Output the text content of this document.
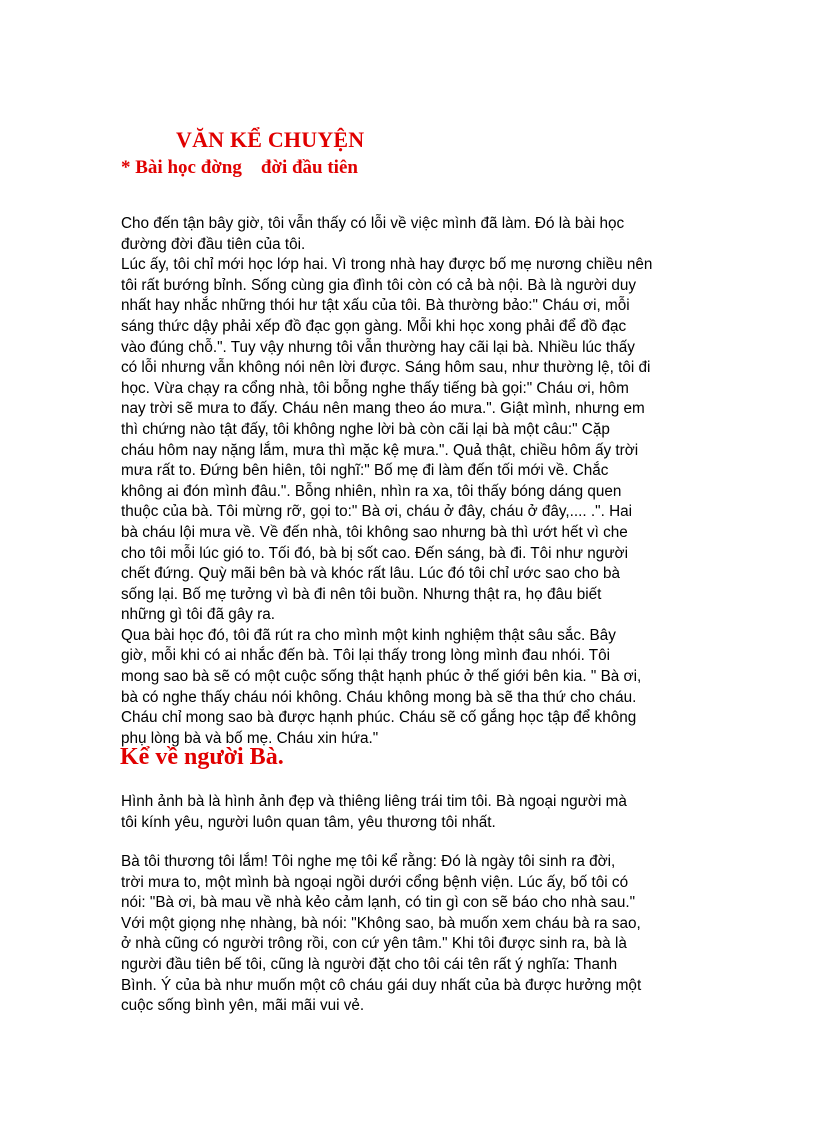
VĂN KỂ CHUYỆN
* Bài học đờng    đời đầu tiên
Cho đến tận bây giờ, tôi vẫn thấy có lỗi về việc mình đã làm. Đó là bài học
đường đời đầu tiên của tôi.
Lúc ấy, tôi chỉ mới học lớp hai. Vì trong nhà hay được bố mẹ nương chiều nên
tôi rất bướng bỉnh. Sống cùng gia đình tôi còn có cả bà nội. Bà là người duy
nhất hay nhắc những thói hư tật xấu của tôi. Bà thường bảo:" Cháu ơi, mỗi
sáng thức dậy phải xếp đồ đạc gọn gàng. Mỗi khi học xong phải để đồ đạc
vào đúng chỗ.". Tuy vậy nhưng tôi vẫn thường hay cãi lại bà. Nhiều lúc thấy
có lỗi nhưng vẫn không nói nên lời được. Sáng hôm sau, như thường lệ, tôi đi
học. Vừa chạy ra cổng nhà, tôi bỗng nghe thấy tiếng bà gọi:" Cháu ơi, hôm
nay trời sẽ mưa to đấy. Cháu nên mang theo áo mưa.". Giật mình, nhưng em
thì chứng nào tật đấy, tôi không nghe lời bà còn cãi lại bà một câu:" Cặp
cháu hôm nay nặng lắm, mưa thì mặc kệ mưa.". Quả thật, chiều hôm ấy trời
mưa rất to. Đứng bên hiên, tôi nghĩ:" Bố mẹ đi làm đến tối mới về. Chắc
không ai đón mình đâu.". Bỗng nhiên, nhìn ra xa, tôi thấy bóng dáng quen
thuộc của bà. Tôi mừng rỡ, gọi to:" Bà ơi, cháu ở đây, cháu ở đây,.... .". Hai
bà cháu lội mưa về. Về đến nhà, tôi không sao nhưng bà thì ướt hết vì che
cho tôi mỗi lúc gió to. Tối đó, bà bị sốt cao. Đến sáng, bà đi. Tôi như người
chết đứng. Quỳ mãi bên bà và khóc rất lâu. Lúc đó tôi chỉ ước sao cho bà
sống lại. Bố mẹ tưởng vì bà đi nên tôi buồn. Nhưng thật ra, họ đâu biết
những gì tôi đã gây ra.
Qua bài học đó, tôi đã rút ra cho mình một kinh nghiệm thật sâu sắc. Bây
giờ, mỗi khi có ai nhắc đến bà. Tôi lại thấy trong lòng mình đau nhói. Tôi
mong sao bà sẽ có một cuộc sống thật hạnh phúc ở thế giới bên kia. " Bà ơi,
bà có nghe thấy cháu nói không. Cháu không mong bà sẽ tha thứ cho cháu.
Cháu chỉ mong sao bà được hạnh phúc. Cháu sẽ cố gắng học tập để không
phụ lòng bà và bố mẹ. Cháu xin hứa."
Kể về người Bà.
Hình ảnh bà là hình ảnh đẹp và thiêng liêng trái tim tôi. Bà ngoại người mà
tôi kính yêu, người luôn quan tâm, yêu thương tôi nhất.
Bà tôi thương tôi lắm! Tôi nghe mẹ tôi kể rằng: Đó là ngày tôi sinh ra đời,
trời mưa to, một mình bà ngoại ngồi dưới cổng bệnh viện. Lúc ấy, bố tôi có
nói: "Bà ơi, bà mau về nhà kẻo cảm lạnh, có tin gì con sẽ báo cho nhà sau."
Với một giọng nhẹ nhàng, bà nói: "Không sao, bà muốn xem cháu bà ra sao,
ở nhà cũng có người trông rồi, con cứ yên tâm." Khi tôi được sinh ra, bà là
người đầu tiên bế tôi, cũng là người đặt cho tôi cái tên rất ý nghĩa: Thanh
Bình. Ý của bà như muốn một cô cháu gái duy nhất của bà được hưởng một
cuộc sống bình yên, mãi mãi vui vẻ.
